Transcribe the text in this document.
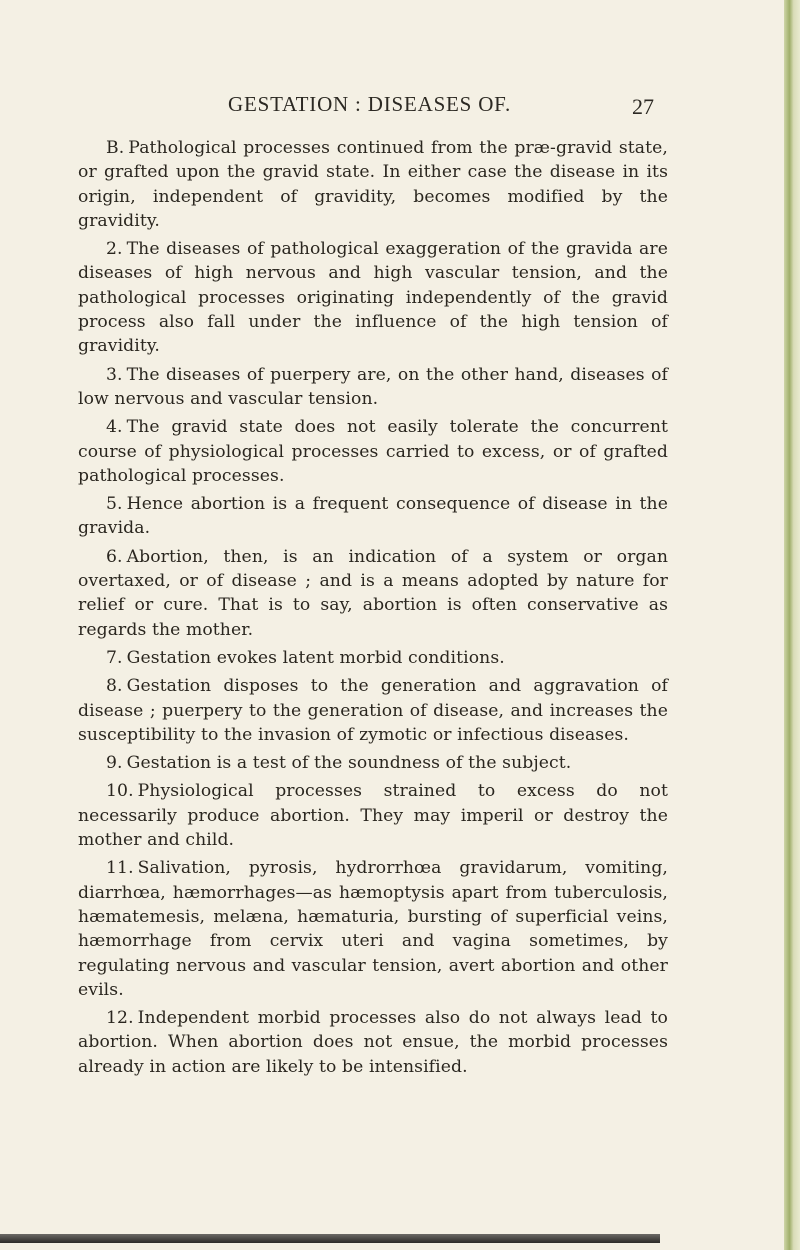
GESTATION : DISEASES OF.	27

B. Pathological processes continued from the præ-gravid state, or grafted upon the gravid state. In either case the disease in its origin, independent of gravidity, becomes modified by the gravidity.

2. The diseases of pathological exaggeration of the gravida are diseases of high nervous and high vascular tension, and the pathological processes originating independently of the gravid process also fall under the influence of the high tension of gravidity.

3. The diseases of puerpery are, on the other hand, diseases of low nervous and vascular tension.

4. The gravid state does not easily tolerate the concurrent course of physiological processes carried to excess, or of grafted pathological processes.

5. Hence abortion is a frequent consequence of disease in the gravida.

6. Abortion, then, is an indication of a system or organ overtaxed, or of disease ; and is a means adopted by nature for relief or cure. That is to say, abortion is often conservative as regards the mother.

7. Gestation evokes latent morbid conditions.

8. Gestation disposes to the generation and aggravation of disease ; puerpery to the generation of disease, and increases the susceptibility to the invasion of zymotic or infectious diseases.

9. Gestation is a test of the soundness of the subject.

10. Physiological processes strained to excess do not necessarily produce abortion. They may imperil or destroy the mother and child.

11. Salivation, pyrosis, hydrorrhœa gravidarum, vomiting, diarrhœa, hæmorrhages—as hæmoptysis apart from tuberculosis, hæmatemesis, melæna, hæmaturia, bursting of superficial veins, hæmorrhage from cervix uteri and vagina sometimes, by regulating nervous and vascular tension, avert abortion and other evils.

12. Independent morbid processes also do not always lead to abortion. When abortion does not ensue, the morbid processes already in action are likely to be intensified.
